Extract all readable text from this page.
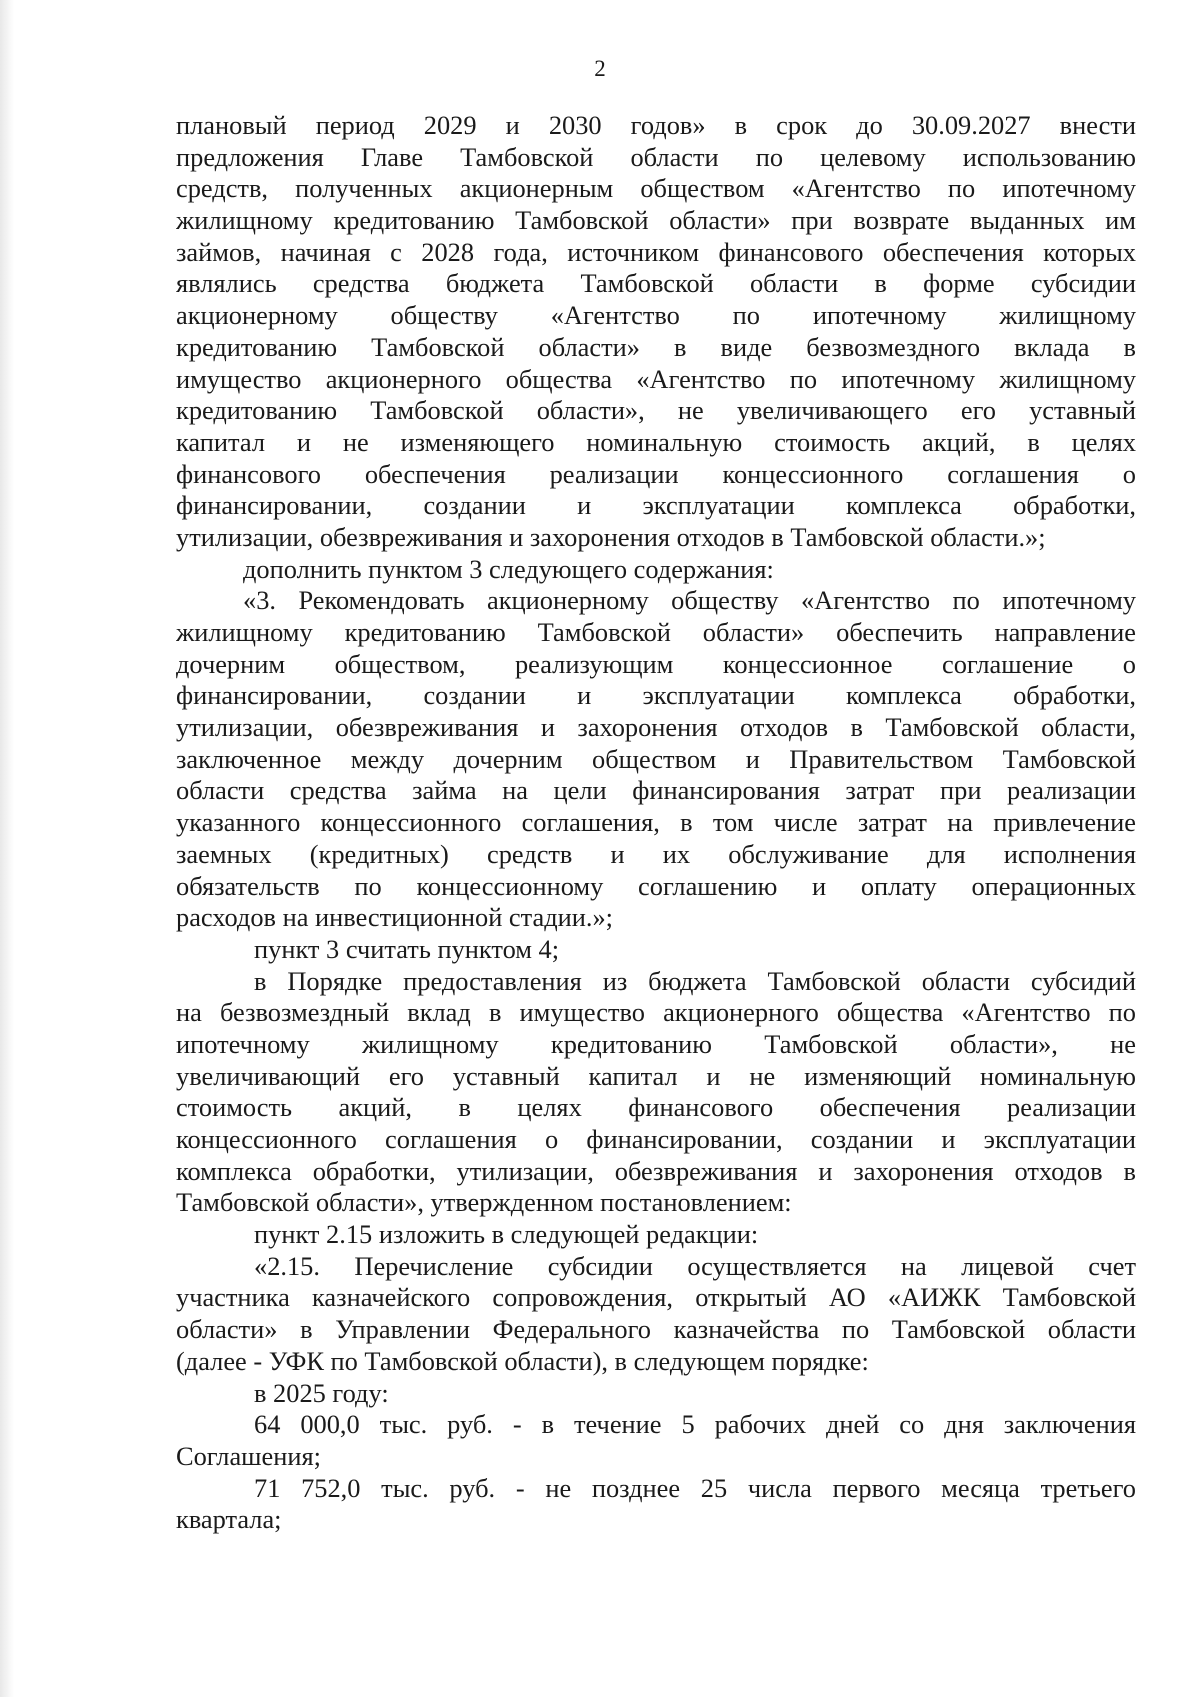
2
плановый период 2029 и 2030 годов» в срок до 30.09.2027 внести
предложения Главе Тамбовской области по целевому использованию
средств, полученных акционерным обществом «Агентство по ипотечному
жилищному кредитованию Тамбовской области» при возврате выданных им
займов, начиная с 2028 года, источником финансового обеспечения которых
являлись средства бюджета Тамбовской области в форме субсидии
акционерному обществу «Агентство по ипотечному жилищному
кредитованию Тамбовской области» в виде безвозмездного вклада в
имущество акционерного общества «Агентство по ипотечному жилищному
кредитованию Тамбовской области», не увеличивающего его уставный
капитал и не изменяющего номинальную стоимость акций, в целях
финансового обеспечения реализации концессионного соглашения о
финансировании, создании и эксплуатации комплекса обработки,
утилизации, обезвреживания и захоронения отходов в Тамбовской области.»;
дополнить пунктом 3 следующего содержания:
«3. Рекомендовать акционерному обществу «Агентство по ипотечному
жилищному кредитованию Тамбовской области» обеспечить направление
дочерним обществом, реализующим концессионное соглашение о
финансировании, создании и эксплуатации комплекса обработки,
утилизации, обезвреживания и захоронения отходов в Тамбовской области,
заключенное между дочерним обществом и Правительством Тамбовской
области средства займа на цели финансирования затрат при реализации
указанного концессионного соглашения, в том числе затрат на привлечение
заемных (кредитных) средств и их обслуживание для исполнения
обязательств по концессионному соглашению и оплату операционных
расходов на инвестиционной стадии.»;
пункт 3 считать пунктом 4;
в Порядке предоставления из бюджета Тамбовской области субсидий
на безвозмездный вклад в имущество акционерного общества «Агентство по
ипотечному жилищному кредитованию Тамбовской области», не
увеличивающий его уставный капитал и не изменяющий номинальную
стоимость акций, в целях финансового обеспечения реализации
концессионного соглашения о финансировании, создании и эксплуатации
комплекса обработки, утилизации, обезвреживания и захоронения отходов в
Тамбовской области», утвержденном постановлением:
пункт 2.15 изложить в следующей редакции:
«2.15. Перечисление субсидии осуществляется на лицевой счет
участника казначейского сопровождения, открытый АО «АИЖК Тамбовской
области» в Управлении Федерального казначейства по Тамбовской области
(далее - УФК по Тамбовской области), в следующем порядке:
в 2025 году:
64 000,0 тыс. руб. - в течение 5 рабочих дней со дня заключения
Соглашения;
71 752,0 тыс. руб. - не позднее 25 числа первого месяца третьего
квартала;
